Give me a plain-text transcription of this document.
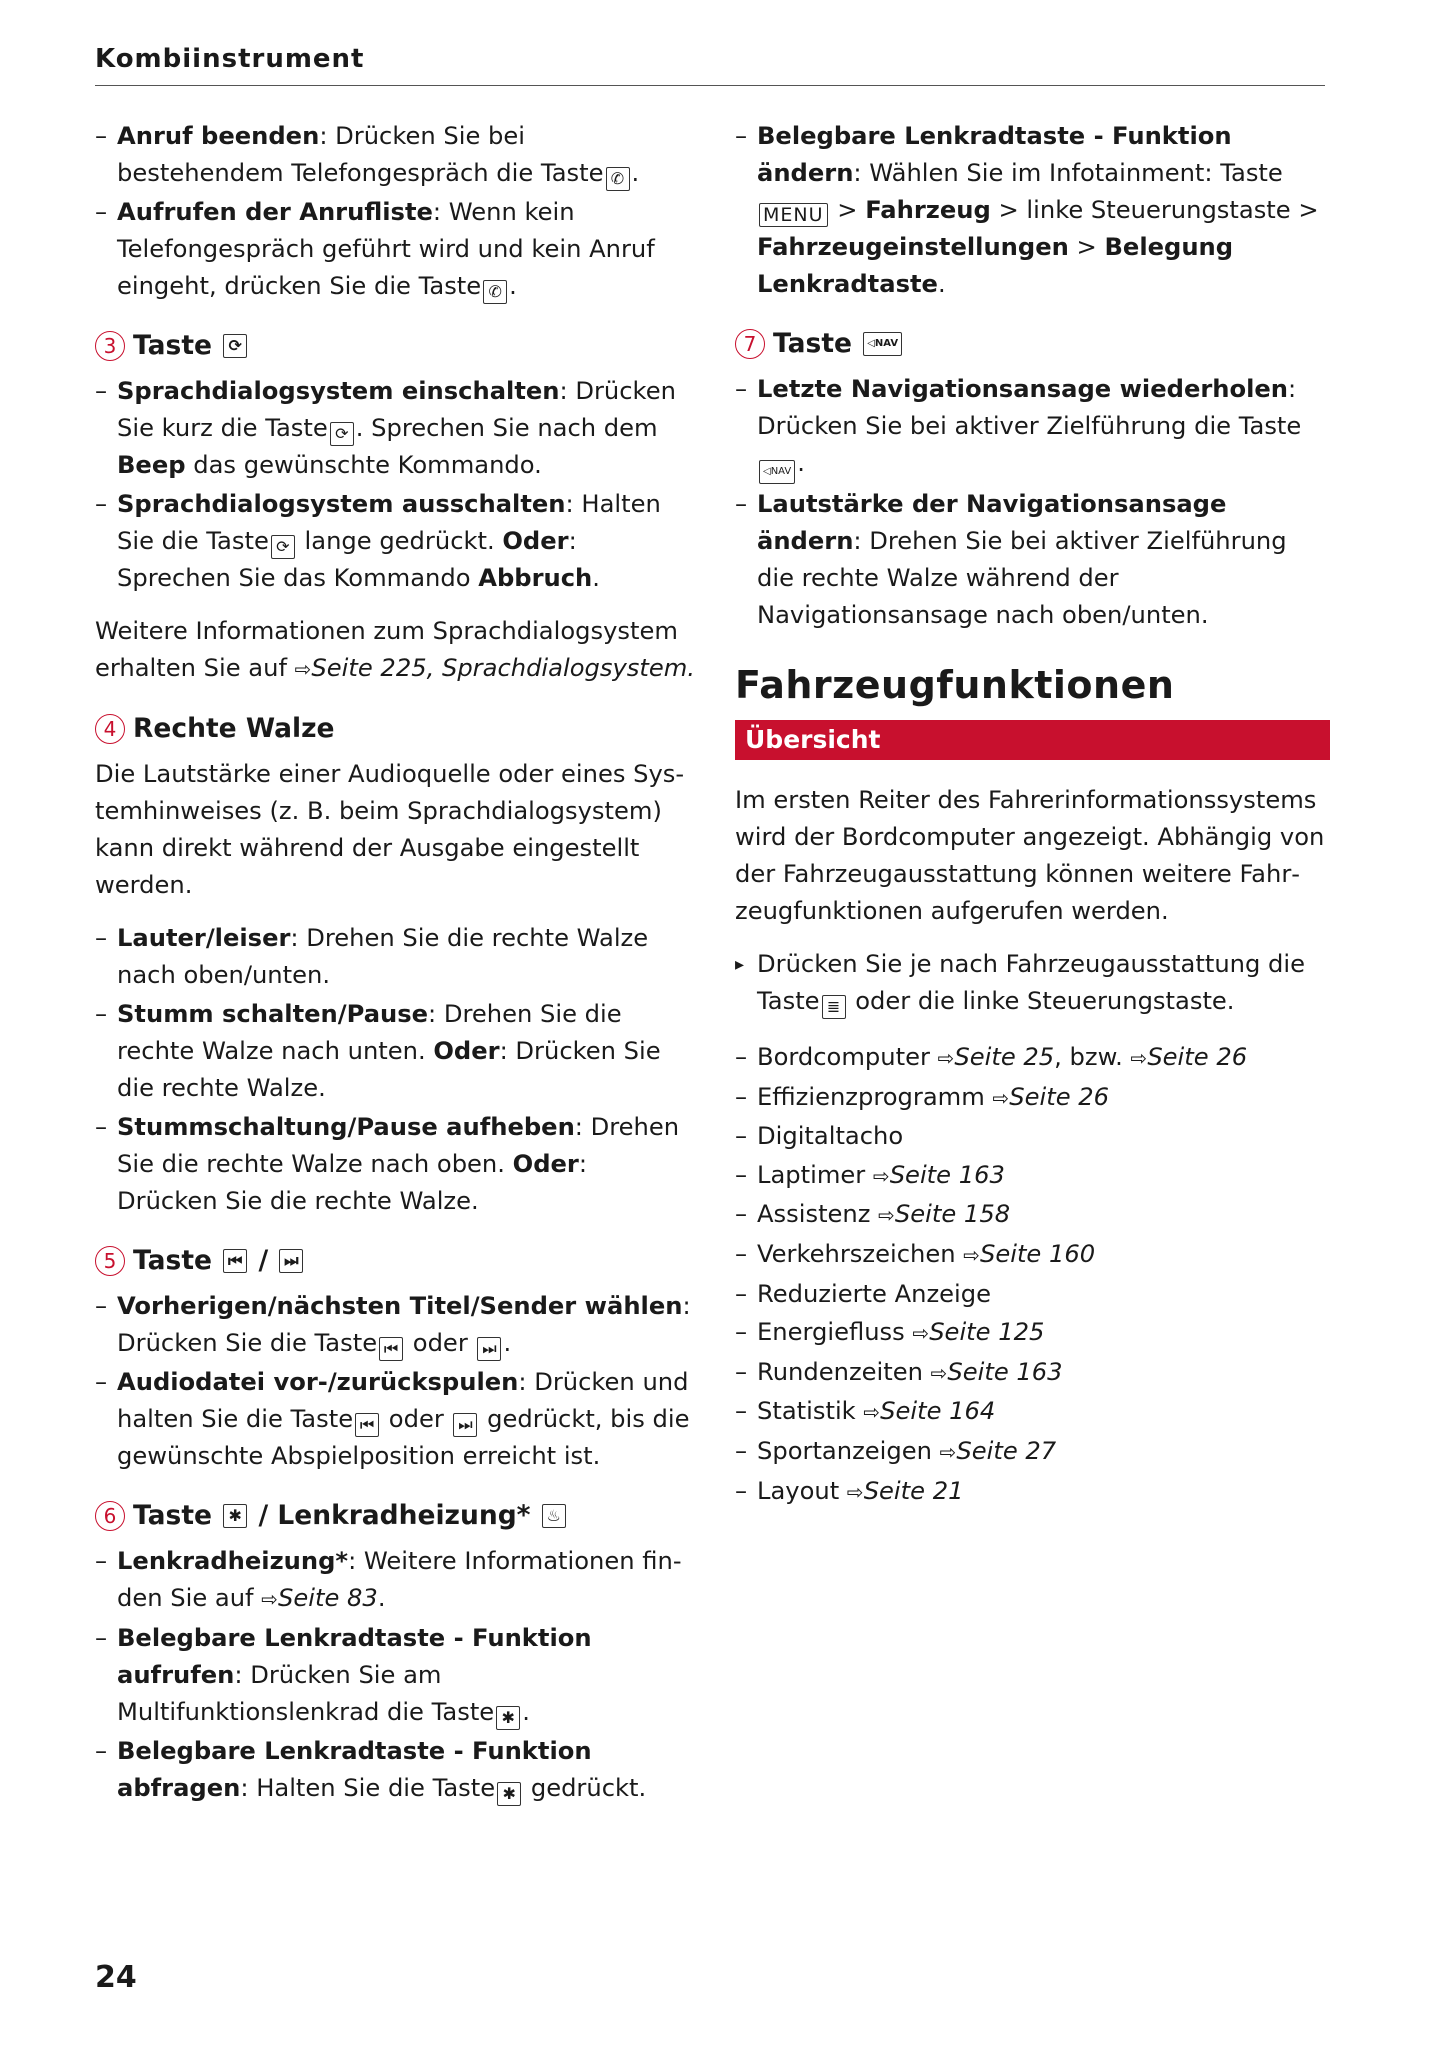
Kombiinstrument
– Anruf beenden: Drücken Sie bei bestehendem Telefongespräch die Taste ✆ .
– Aufrufen der Anrufliste: Wenn kein Telefongespräch geführt wird und kein Anruf eingeht, drücken Sie die Taste ✆ .
3 Taste
	⟳
– Sprachdialogsystem einschalten: Drücken Sie kurz die Taste ⟳ . Sprechen Sie nach dem Beep das gewünschte Kommando.
– Sprachdialogsystem ausschalten: Halten Sie die Taste ⟳ lange gedrückt. Oder: Sprechen Sie das Kommando Abbruch.

Weitere Informationen zum Sprachdialogsystem erhalten Sie auf ⇨Seite 225, Sprachdialogsystem.

4 Rechte Walze

Die Lautstärke einer Audioquelle oder eines Systemhinweises (z. B. beim Sprachdialogsystem) kann direkt während der Ausgabe eingestellt werden.

– Lauter/leiser: Drehen Sie die rechte Walze nach oben/unten.
– Stumm schalten/Pause: Drehen Sie die rechte Walze nach unten. Oder: Drücken Sie die rechte Walze.
– Stummschaltung/Pause aufheben: Drehen Sie die rechte Walze nach oben. Oder: Drücken Sie die rechte Walze.
5 Taste
⏮
/
⏭
– Vorherigen/nächsten Titel/Sender wählen: Drücken Sie die Taste ⏮ oder ⏭ .
– Audiodatei vor-/zurückspulen: Drücken und halten Sie die Taste ⏮ oder ⏭ gedrückt, bis die gewünschte Abspielposition erreicht ist.
6 Taste
	✱
/ Lenkradheizung*
	♨
– Lenkradheizung*: Weitere Informationen finden Sie auf ⇨Seite 83.
– Belegbare Lenkradtaste - Funktion aufrufen: Drücken Sie am Multifunktionslenkrad die Taste ✱ .
– Belegbare Lenkradtaste - Funktion abfragen: Halten Sie die Taste ✱ gedrückt.
– Belegbare Lenkradtaste - Funktion ändern: Wählen Sie im Infotainment: Taste MENU > Fahrzeug > linke Steuerungstaste > Fahrzeugeinstellungen > Belegung Lenkradtaste.
7 Taste
	◁NAV
– Letzte Navigationsansage wiederholen: Drücken Sie bei aktiver Zielführung die Taste◁NAV .
– Lautstärke der Navigationsansage ändern: Drehen Sie bei aktiver Zielführung die rechte Walze während der Navigationsansage nach oben/unten.
Fahrzeugfunktionen
Übersicht

Im ersten Reiter des Fahrerinformationssystems wird der Bordcomputer angezeigt. Abhängig von der Fahrzeugausstattung können weitere Fahrzeugfunktionen aufgerufen werden.

▸ Drücken Sie je nach Fahrzeugausstattung die Taste ≣ oder die linke Steuerungstaste.
– Bordcomputer ⇨Seite 25, bzw. ⇨Seite 26
– Effizienzprogramm ⇨Seite 26
– Digitaltacho
– Laptimer ⇨Seite 163
– Assistenz ⇨Seite 158
– Verkehrszeichen ⇨Seite 160
– Reduzierte Anzeige
– Energiefluss ⇨Seite 125
– Rundenzeiten ⇨Seite 163
– Statistik ⇨Seite 164
– Sportanzeigen ⇨Seite 27
– Layout ⇨Seite 21
24
